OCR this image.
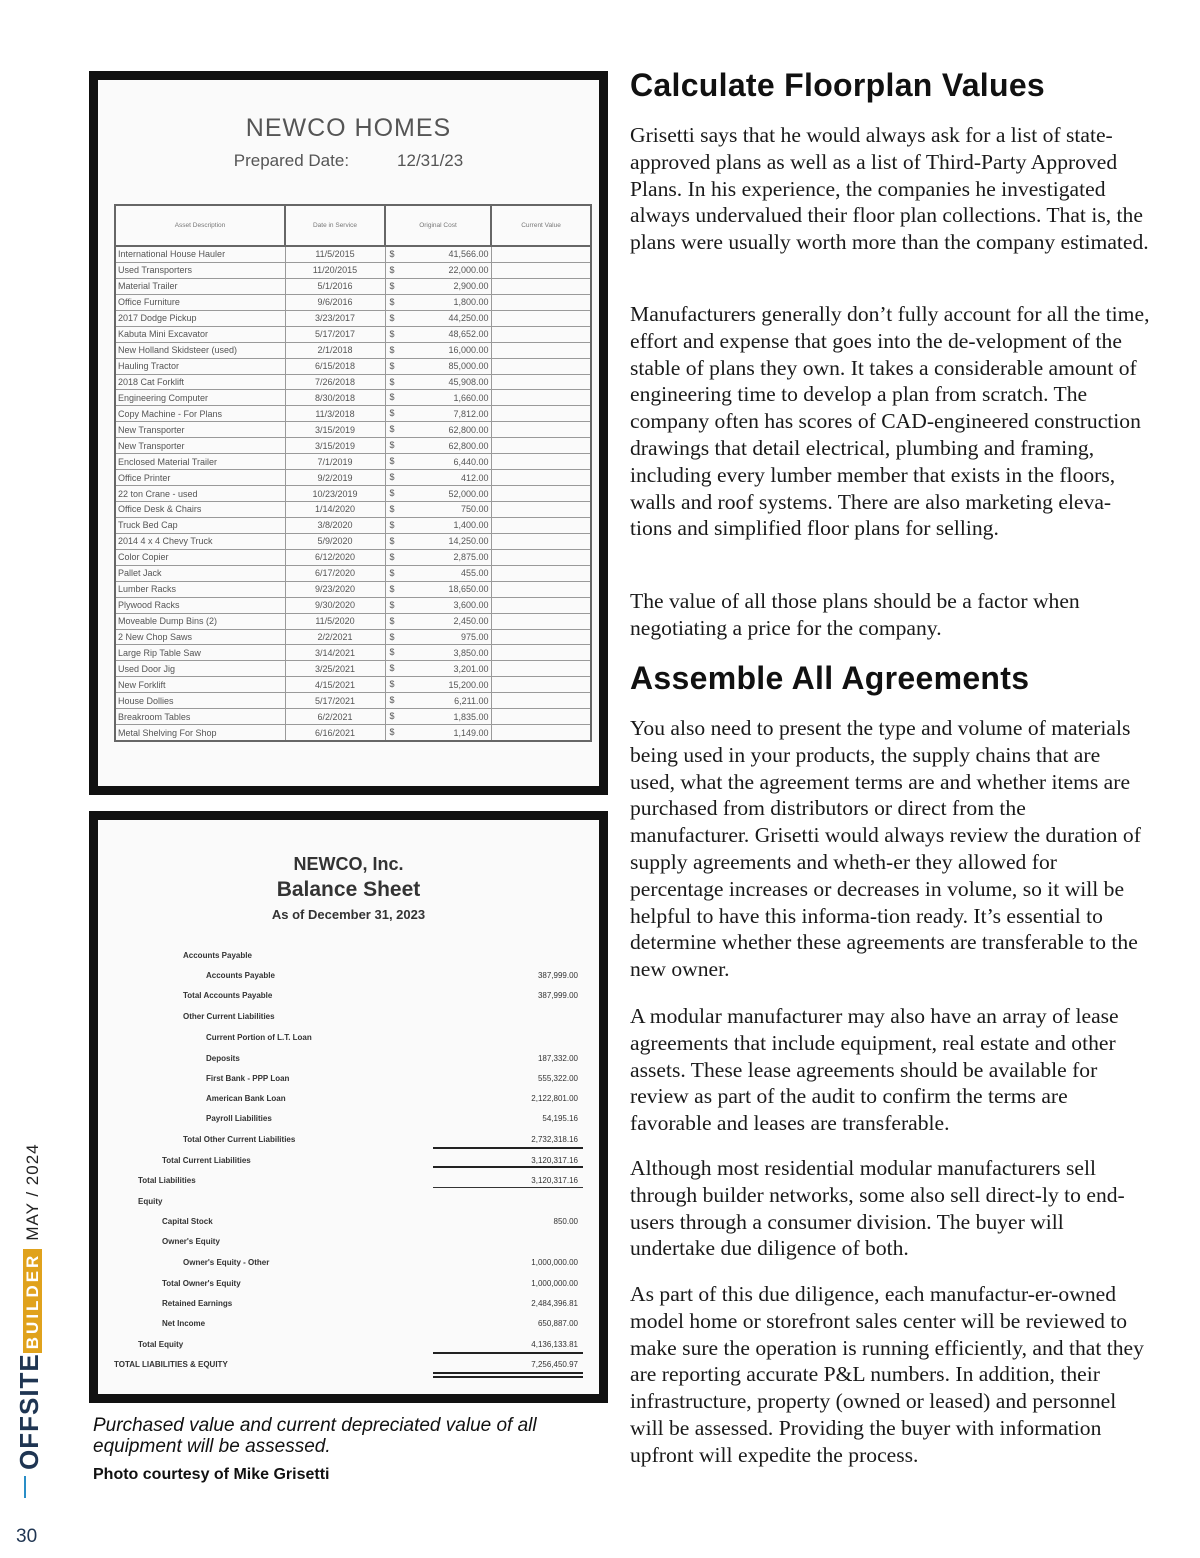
NEWCO HOMES
Prepared Date:	12/31/23
Asset Description	Date in Service	Original Cost	Current Value
International House Hauler	11/5/2015	$ 41,566.00	
Used Transporters	11/20/2015	$ 22,000.00	
Material Trailer	5/1/2016	$ 2,900.00	
Office Furniture	9/6/2016	$ 1,800.00	
2017 Dodge Pickup	3/23/2017	$ 44,250.00	
Kabuta Mini Excavator	5/17/2017	$ 48,652.00	
New Holland Skidsteer (used)	2/1/2018	$ 16,000.00	
Hauling Tractor	6/15/2018	$ 85,000.00	
2018 Cat Forklift	7/26/2018	$ 45,908.00	
Engineering Computer	8/30/2018	$ 1,660.00	
Copy Machine - For Plans	11/3/2018	$ 7,812.00	
New Transporter	3/15/2019	$ 62,800.00	
New Transporter	3/15/2019	$ 62,800.00	
Enclosed Material Trailer	7/1/2019	$ 6,440.00	
Office Printer	9/2/2019	$ 412.00	
22 ton Crane - used	10/23/2019	$ 52,000.00	
Office Desk & Chairs	1/14/2020	$ 750.00	
Truck Bed Cap	3/8/2020	$ 1,400.00	
2014 4 x 4 Chevy Truck	5/9/2020	$ 14,250.00	
Color Copier	6/12/2020	$ 2,875.00	
Pallet Jack	6/17/2020	$ 455.00	
Lumber Racks	9/23/2020	$ 18,650.00	
Plywood Racks	9/30/2020	$ 3,600.00	
Moveable Dump Bins (2)	11/5/2020	$ 2,450.00	
2 New Chop Saws	2/2/2021	$ 975.00	
Large Rip Table Saw	3/14/2021	$ 3,850.00	
Used Door Jig	3/25/2021	$ 3,201.00	
New Forklift	4/15/2021	$ 15,200.00	
House Dollies	5/17/2021	$ 6,211.00	
Breakroom Tables	6/2/2021	$ 1,835.00	
Metal Shelving For Shop	6/16/2021	$ 1,149.00	
NEWCO, Inc.
Balance Sheet
As of December 31, 2023
Accounts Payable
Accounts Payable	387,999.00
Total Accounts Payable	387,999.00
Other Current Liabilities
Current Portion of L.T. Loan
Deposits	187,332.00
First Bank - PPP Loan	555,322.00
American Bank Loan	2,122,801.00
Payroll Liabilities	54,195.16
Total Other Current Liabilities	2,732,318.16
Total Current Liabilities	3,120,317.16
Total Liabilities	3,120,317.16
Equity
Capital Stock	850.00
Owner's Equity
Owner's Equity - Other	1,000,000.00
Total Owner's Equity	1,000,000.00
Retained Earnings	2,484,396.81
Net Income	650,887.00
Total Equity	4,136,133.81
TOTAL LIABILITIES & EQUITY	7,256,450.97
Purchased value and current depreciated value of all equipment will be assessed.
Photo courtesy of Mike Grisetti
Calculate Floorplan Values

Grisetti says that he would always ask for a list of state-approved plans as well as a list of Third-Party Approved Plans. In his experience, the companies he investigated always undervalued their floor plan collections. That is, the plans were usually worth more than the company estimated.

Manufacturers generally don’t fully account for all the time, effort and expense that goes into the de-velopment of the stable of plans they own. It takes a considerable amount of engineering time to develop a plan from scratch. The company often has scores of CAD-engineered construction drawings that detail electrical, plumbing and framing, including every lumber member that exists in the floors, walls and roof systems. There are also marketing eleva-tions and simplified floor plans for selling.

The value of all those plans should be a factor when negotiating a price for the company.

Assemble All Agreements

You also need to present the type and volume of materials being used in your products, the supply chains that are used, what the agreement terms are and whether items are purchased from distributors or direct from the manufacturer. Grisetti would always review the duration of supply agreements and wheth-er they allowed for percentage increases or decreases in volume, so it will be helpful to have this informa-tion ready. It’s essential to determine whether these agreements are transferable to the new owner.

A modular manufacturer may also have an array of lease agreements that include equipment, real estate and other assets. These lease agreements should be available for review as part of the audit to confirm the terms are favorable and leases are transferable.

Although most residential modular manufacturers sell through builder networks, some also sell direct-ly to end-users through a consumer division. The buyer will undertake due diligence of both.

As part of this due diligence, each manufactur-er-owned model home or storefront sales center will be reviewed to make sure the operation is running efficiently, and that they are reporting accurate P&L numbers. In addition, their infrastructure, property (owned or leased) and personnel will be assessed. Providing the buyer with information upfront will expedite the process.

OFFSITEBUILDERMAY / 2024
30
